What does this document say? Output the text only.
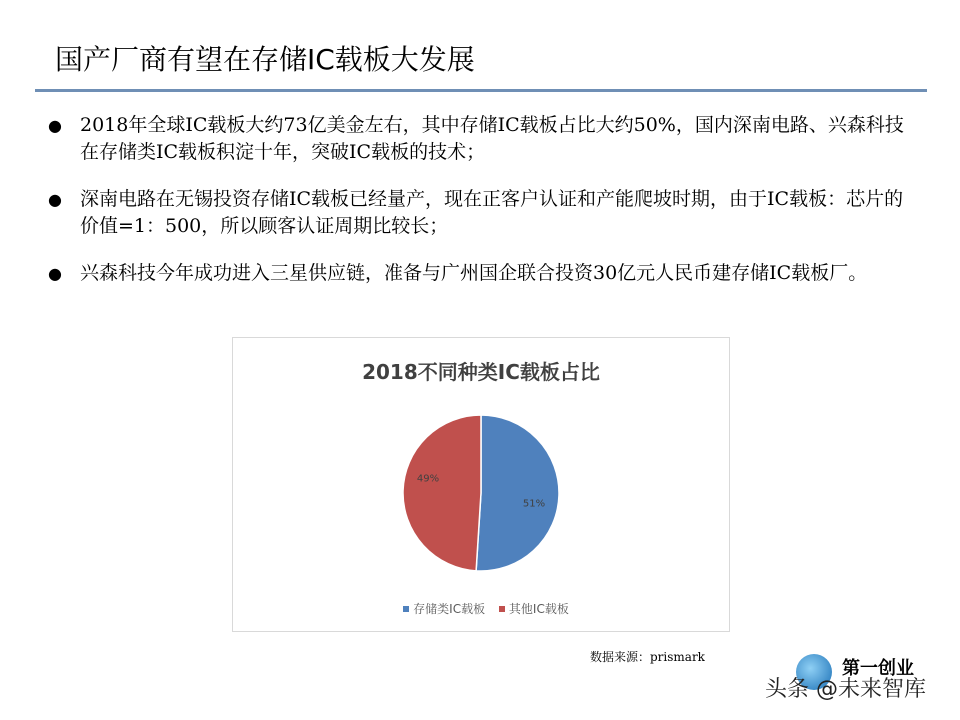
国产厂商有望在存储IC载板大发展
● 2018年全球IC载板大约73亿美金左右，其中存储IC载板占比大约50%，国内深南电路、兴森科技在存储类IC载板积淀十年，突破IC载板的技术；
● 深南电路在无锡投资存储IC载板已经量产，现在正客户认证和产能爬坡时期，由于IC载板：芯片的价值=1：500，所以顾客认证周期比较长；
● 兴森科技今年成功进入三星供应链，准备与广州国企联合投资30亿元人民币建存储IC载板厂。
2018不同种类IC载板占比
51%
49%
存储类IC载板 其他IC载板
数据来源：prismark
第一创业
头条 @未来智库
